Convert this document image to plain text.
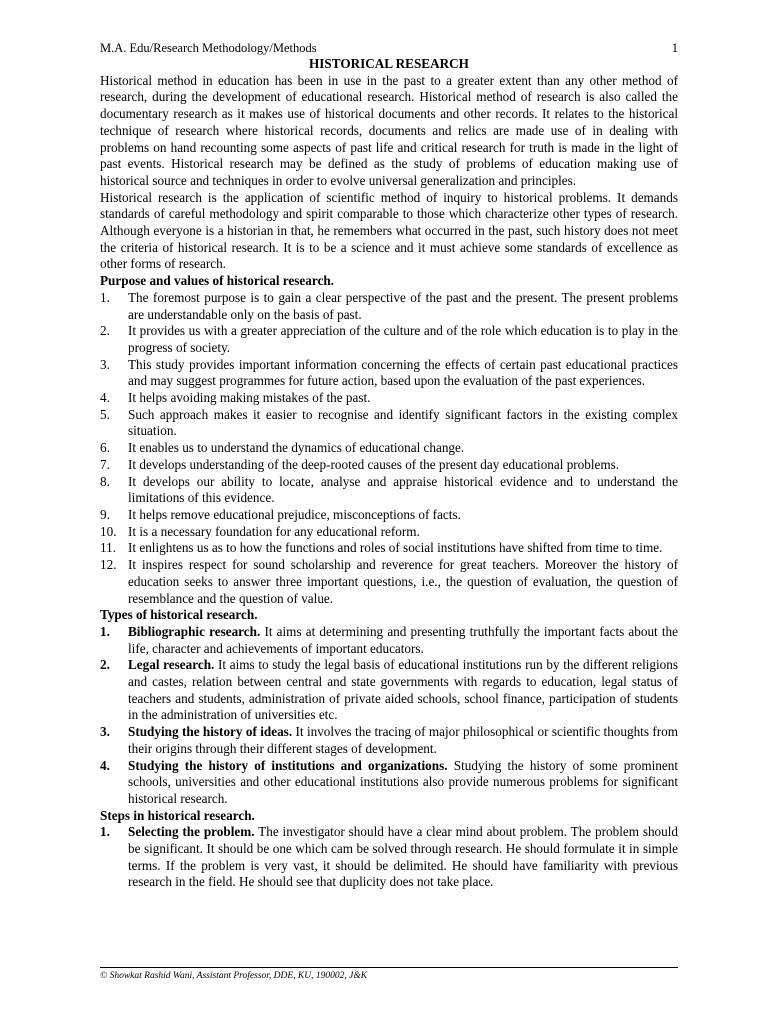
M.A. Edu/Research Methodology/Methods	1
HISTORICAL RESEARCH

Historical method in education has been in use in the past to a greater extent than any other method of research, during the development of educational research. Historical method of research is also called the documentary research as it makes use of historical documents and other records. It relates to the historical technique of research where historical records, documents and relics are made use of in dealing with problems on hand recounting some aspects of past life and critical research for truth is made in the light of past events. Historical research may be defined as the study of problems of education making use of historical source and techniques in order to evolve universal generalization and principles.

Historical research is the application of scientific method of inquiry to historical problems. It demands standards of careful methodology and spirit comparable to those which characterize other types of research. Although everyone is a historian in that, he remembers what occurred in the past, such history does not meet the criteria of historical research. It is to be a science and it must achieve some standards of excellence as other forms of research.

Purpose and values of historical research.
1. The foremost purpose is to gain a clear perspective of the past and the present. The present problems are understandable only on the basis of past.
2. It provides us with a greater appreciation of the culture and of the role which education is to play in the progress of society.
3. This study provides important information concerning the effects of certain past educational practices and may suggest programmes for future action, based upon the evaluation of the past experiences.
4. It helps avoiding making mistakes of the past.
5. Such approach makes it easier to recognise and identify significant factors in the existing complex situation.
6. It enables us to understand the dynamics of educational change.
7. It develops understanding of the deep-rooted causes of the present day educational problems.
8. It develops our ability to locate, analyse and appraise historical evidence and to understand the limitations of this evidence.
9. It helps remove educational prejudice, misconceptions of facts.
10. It is a necessary foundation for any educational reform.
11. It enlightens us as to how the functions and roles of social institutions have shifted from time to time.
12. It inspires respect for sound scholarship and reverence for great teachers. Moreover the history of education seeks to answer three important questions, i.e., the question of evaluation, the question of resemblance and the question of value.
Types of historical research.
1. Bibliographic research. It aims at determining and presenting truthfully the important facts about the life, character and achievements of important educators.
2. Legal research. It aims to study the legal basis of educational institutions run by the different religions and castes, relation between central and state governments with regards to education, legal status of teachers and students, administration of private aided schools, school finance, participation of students in the administration of universities etc.
3. Studying the history of ideas. It involves the tracing of major philosophical or scientific thoughts from their origins through their different stages of development.
4. Studying the history of institutions and organizations. Studying the history of some prominent schools, universities and other educational institutions also provide numerous problems for significant historical research.
Steps in historical research.
1. Selecting the problem. The investigator should have a clear mind about problem. The problem should be significant. It should be one which cam be solved through research. He should formulate it in simple terms. If the problem is very vast, it should be delimited. He should have familiarity with previous research in the field. He should see that duplicity does not take place.
© Showkat Rashid Wani, Assistant Professor, DDE, KU, 190002, J&K
